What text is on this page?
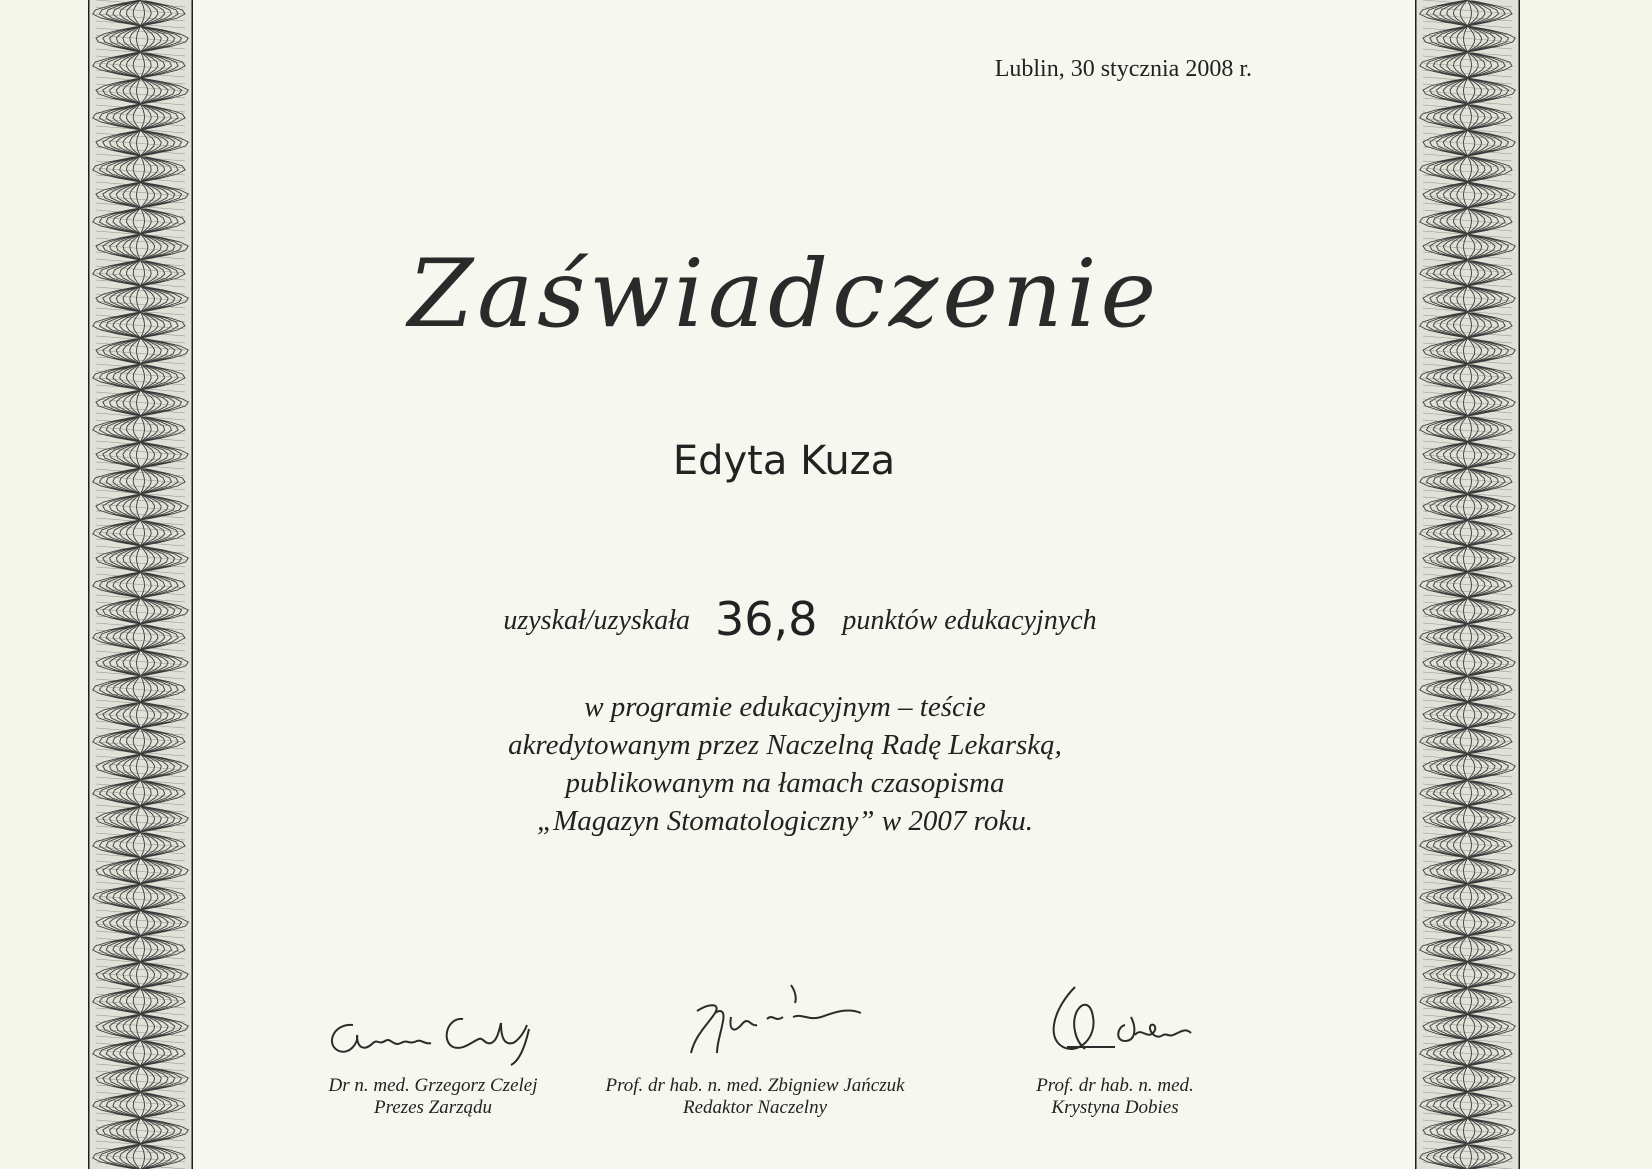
Lublin, 30 stycznia 2008 r.
Zaświadczenie
Edyta Kuza
uzyskał/uzyskała 36,8 punktów edukacyjnych
w programie edukacyjnym – teście
akredytowanym przez Naczelną Radę Lekarską,
publikowanym na łamach czasopisma
„Magazyn Stomatologiczny” w 2007 roku.
Dr n. med. Grzegorz Czelej
Prezes Zarządu
Prof. dr hab. n. med. Zbigniew Jańczuk
Redaktor Naczelny
Prof. dr hab. n. med.
Krystyna Dobies
